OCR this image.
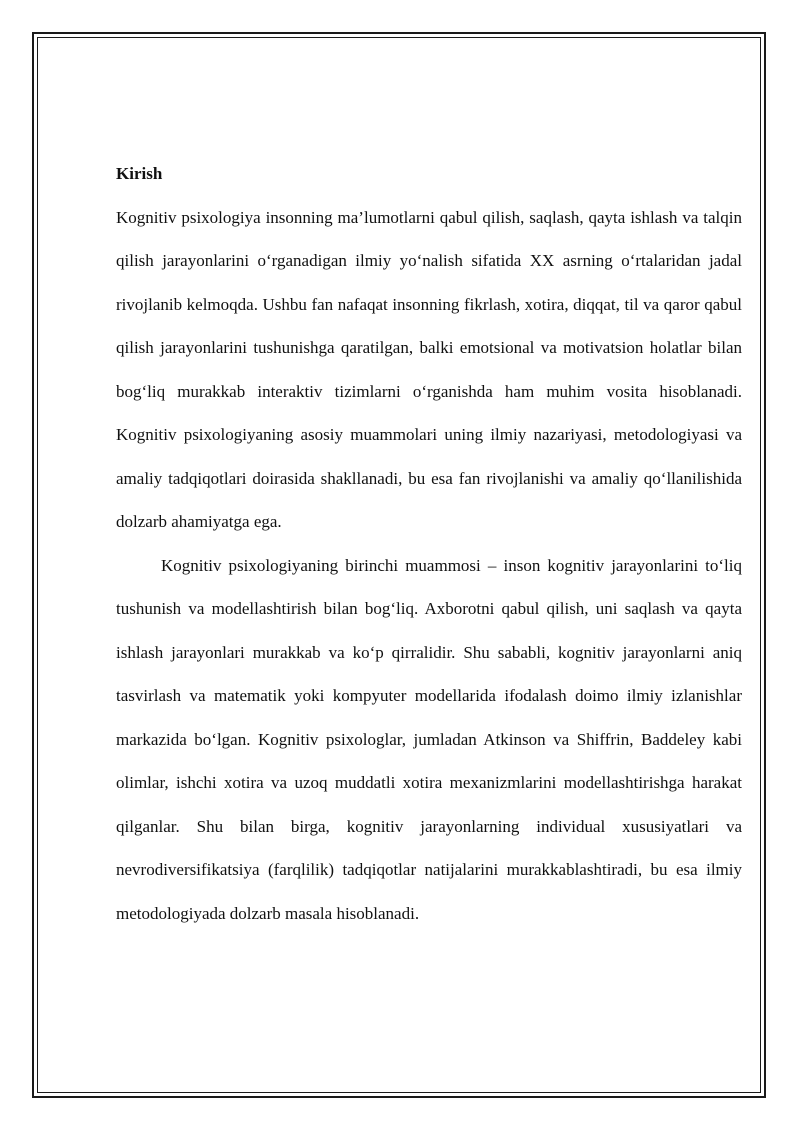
Kirish

Kognitiv psixologiya insonning ma’lumotlarni qabul qilish, saqlash, qayta ishlash va talqin qilish jarayonlarini o‘rganadigan ilmiy yo‘nalish sifatida XX asrning o‘rtalaridan jadal rivojlanib kelmoqda. Ushbu fan nafaqat insonning fikrlash, xotira, diqqat, til va qaror qabul qilish jarayonlarini tushunishga qaratilgan, balki emotsional va motivatsion holatlar bilan bog‘liq murakkab interaktiv tizimlarni o‘rganishda ham muhim vosita hisoblanadi. Kognitiv psixologiyaning asosiy muammolari uning ilmiy nazariyasi, metodologiyasi va amaliy tadqiqotlari doirasida shakllanadi, bu esa fan rivojlanishi va amaliy qo‘llanilishida dolzarb ahamiyatga ega.

Kognitiv psixologiyaning birinchi muammosi – inson kognitiv jarayonlarini to‘liq tushunish va modellashtirish bilan bog‘liq. Axborotni qabul qilish, uni saqlash va qayta ishlash jarayonlari murakkab va ko‘p qirralidir. Shu sababli, kognitiv jarayonlarni aniq tasvirlash va matematik yoki kompyuter modellarida ifodalash doimo ilmiy izlanishlar markazida bo‘lgan. Kognitiv psixologlar, jumladan Atkinson va Shiffrin, Baddeley kabi olimlar, ishchi xotira va uzoq muddatli xotira mexanizmlarini modellashtirishga harakat qilganlar. Shu bilan birga, kognitiv jarayonlarning individual xususiyatlari va nevrodiversifikatsiya (farqlilik) tadqiqotlar natijalarini murakkablashtiradi, bu esa ilmiy metodologiyada dolzarb masala hisoblanadi.
